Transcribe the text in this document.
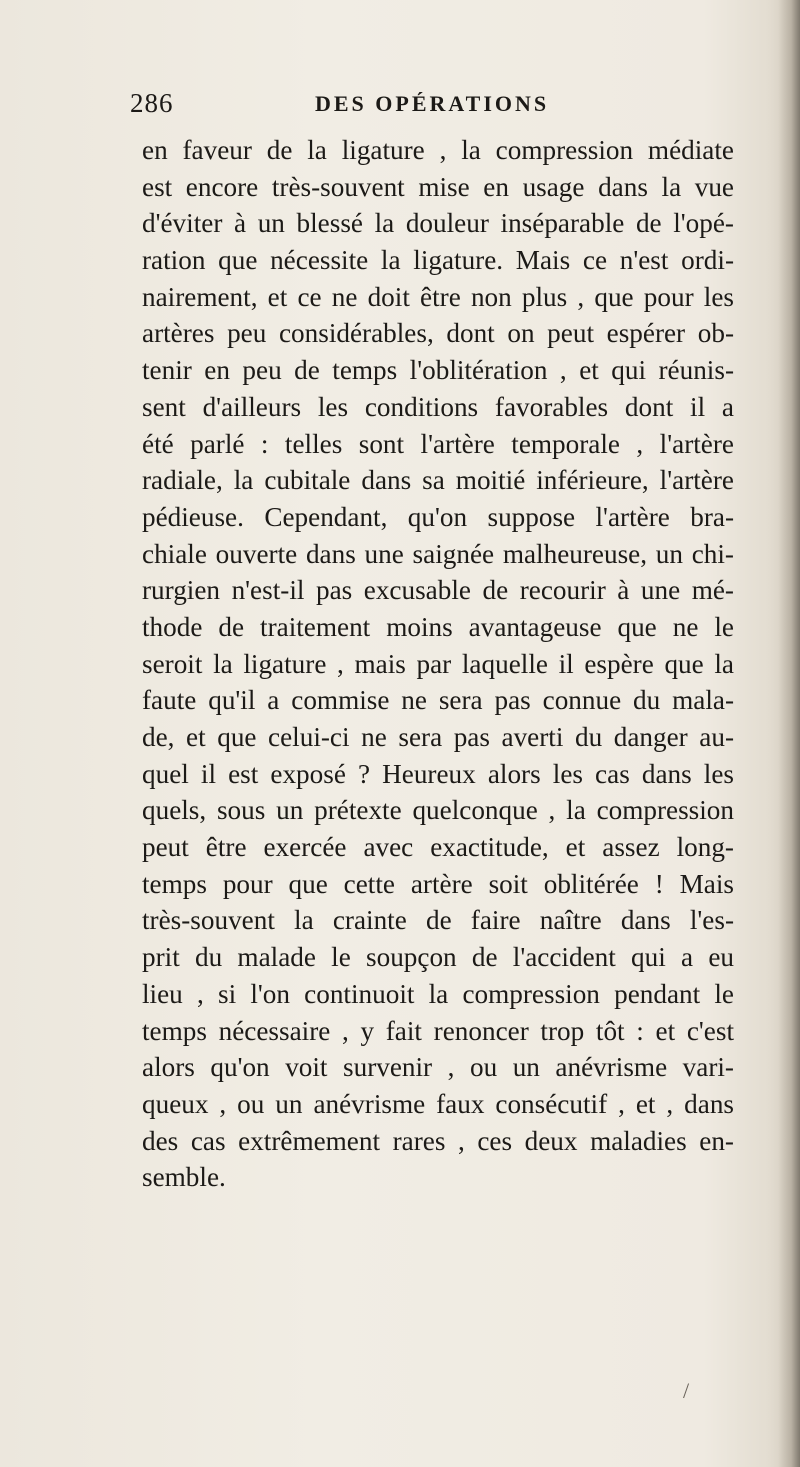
286	DES OPÉRATIONS
en faveur de la ligature , la compression médiate
est encore très-souvent mise en usage dans la vue
d'éviter à un blessé la douleur inséparable de l'opé-
ration que nécessite la ligature. Mais ce n'est ordi-
nairement, et ce ne doit être non plus , que pour les
artères peu considérables, dont on peut espérer ob-
tenir en peu de temps l'oblitération , et qui réunis-
sent d'ailleurs les conditions favorables dont il a
été parlé : telles sont l'artère temporale , l'artère
radiale, la cubitale dans sa moitié inférieure, l'artère
pédieuse. Cependant, qu'on suppose l'artère bra-
chiale ouverte dans une saignée malheureuse, un chi-
rurgien n'est-il pas excusable de recourir à une mé-
thode de traitement moins avantageuse que ne le
seroit la ligature , mais par laquelle il espère que la
faute qu'il a commise ne sera pas connue du mala-
de, et que celui-ci ne sera pas averti du danger au-
quel il est exposé ? Heureux alors les cas dans les
quels, sous un prétexte quelconque , la compression
peut être exercée avec exactitude, et assez long-
temps pour que cette artère soit oblitérée ! Mais
très-souvent la crainte de faire naître dans l'es-
prit du malade le soupçon de l'accident qui a eu
lieu , si l'on continuoit la compression pendant le
temps nécessaire , y fait renoncer trop tôt : et c'est
alors qu'on voit survenir , ou un anévrisme vari-
queux , ou un anévrisme faux consécutif , et , dans
des cas extrêmement rares , ces deux maladies en-
semble.
/
